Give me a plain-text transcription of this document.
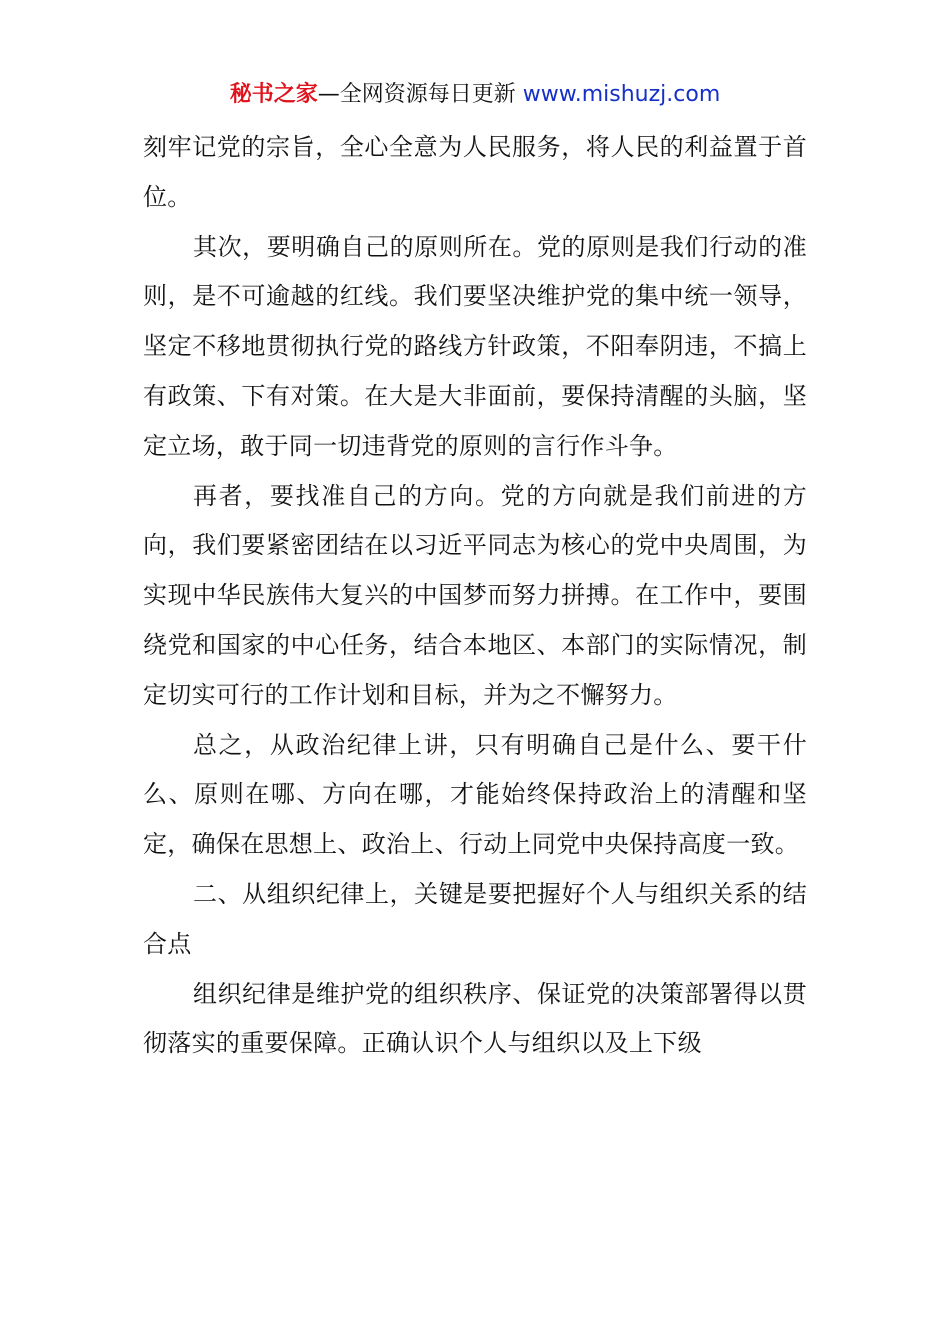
秘书之家—全网资源每日更新 www.mishuzj.com

刻牢记党的宗旨，全心全意为人民服务，将人民的利益置于首位。

其次，要明确自己的原则所在。党的原则是我们行动的准则，是不可逾越的红线。我们要坚决维护党的集中统一领导，坚定不移地贯彻执行党的路线方针政策，不阳奉阴违，不搞上有政策、下有对策。在大是大非面前，要保持清醒的头脑，坚定立场，敢于同一切违背党的原则的言行作斗争。

再者，要找准自己的方向。党的方向就是我们前进的方向，我们要紧密团结在以习近平同志为核心的党中央周围，为实现中华民族伟大复兴的中国梦而努力拼搏。在工作中，要围绕党和国家的中心任务，结合本地区、本部门的实际情况，制定切实可行的工作计划和目标，并为之不懈努力。

总之，从政治纪律上讲，只有明确自己是什么、要干什么、原则在哪、方向在哪，才能始终保持政治上的清醒和坚定，确保在思想上、政治上、行动上同党中央保持高度一致。

二、从组织纪律上，关键是要把握好个人与组织关系的结合点

组织纪律是维护党的组织秩序、保证党的决策部署得以贯彻落实的重要保障。正确认识个人与组织以及上下级
